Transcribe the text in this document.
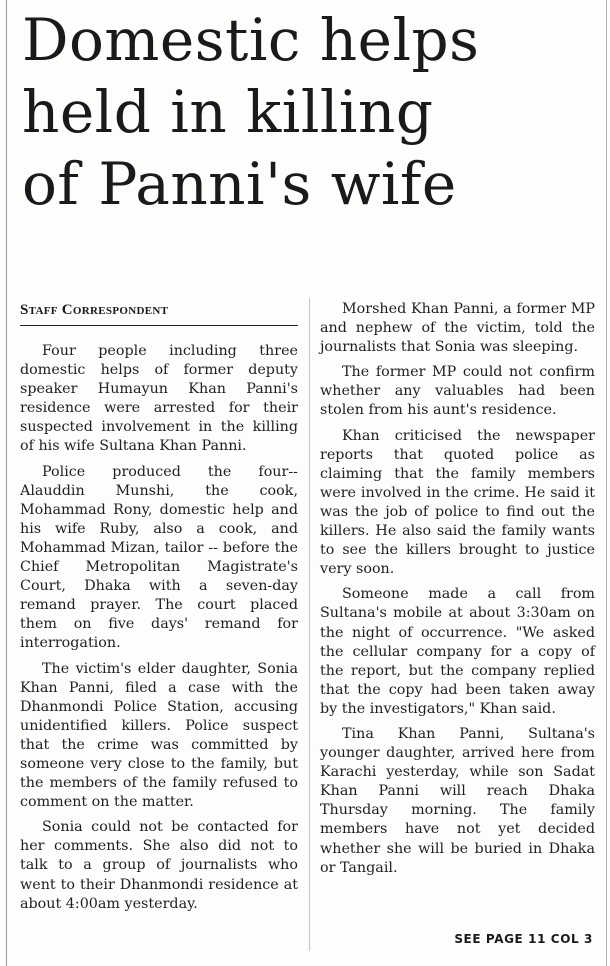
Domestic helps
held in killing
of Panni's wife
Staff Correspondent

Four people including three domestic helps of former deputy speaker Humayun Khan Panni's residence were arrested for their suspected involvement in the killing of his wife Sultana Khan Panni.

Police produced the four-- Alauddin Munshi, the cook, Mohammad Rony, domestic help and his wife Ruby, also a cook, and Mohammad Mizan, tailor -- before the Chief Metropolitan Magistrate's Court, Dhaka with a seven-day remand prayer. The court placed them on five days' remand for interrogation.

The victim's elder daughter, Sonia Khan Panni, filed a case with the Dhanmondi Police Station, accusing unidentified killers. Police suspect that the crime was committed by someone very close to the family, but the members of the family refused to comment on the matter.

Sonia could not be contacted for her comments. She also did not to talk to a group of journalists who went to their Dhanmondi residence at about 4:00am yesterday.

Morshed Khan Panni, a former MP and nephew of the victim, told the journalists that Sonia was sleeping.

The former MP could not confirm whether any valuables had been stolen from his aunt's residence.

Khan criticised the newspaper reports that quoted police as claiming that the family members were involved in the crime. He said it was the job of police to find out the killers. He also said the family wants to see the killers brought to justice very soon.

Someone made a call from Sultana's mobile at about 3:30am on the night of occurrence. "We asked the cellular company for a copy of the report, but the company replied that the copy had been taken away by the investigators," Khan said.

Tina Khan Panni, Sultana's younger daughter, arrived here from Karachi yesterday, while son Sadat Khan Panni will reach Dhaka Thursday morning. The family members have not yet decided whether she will be buried in Dhaka or Tangail.

SEE PAGE 11 COL 3
